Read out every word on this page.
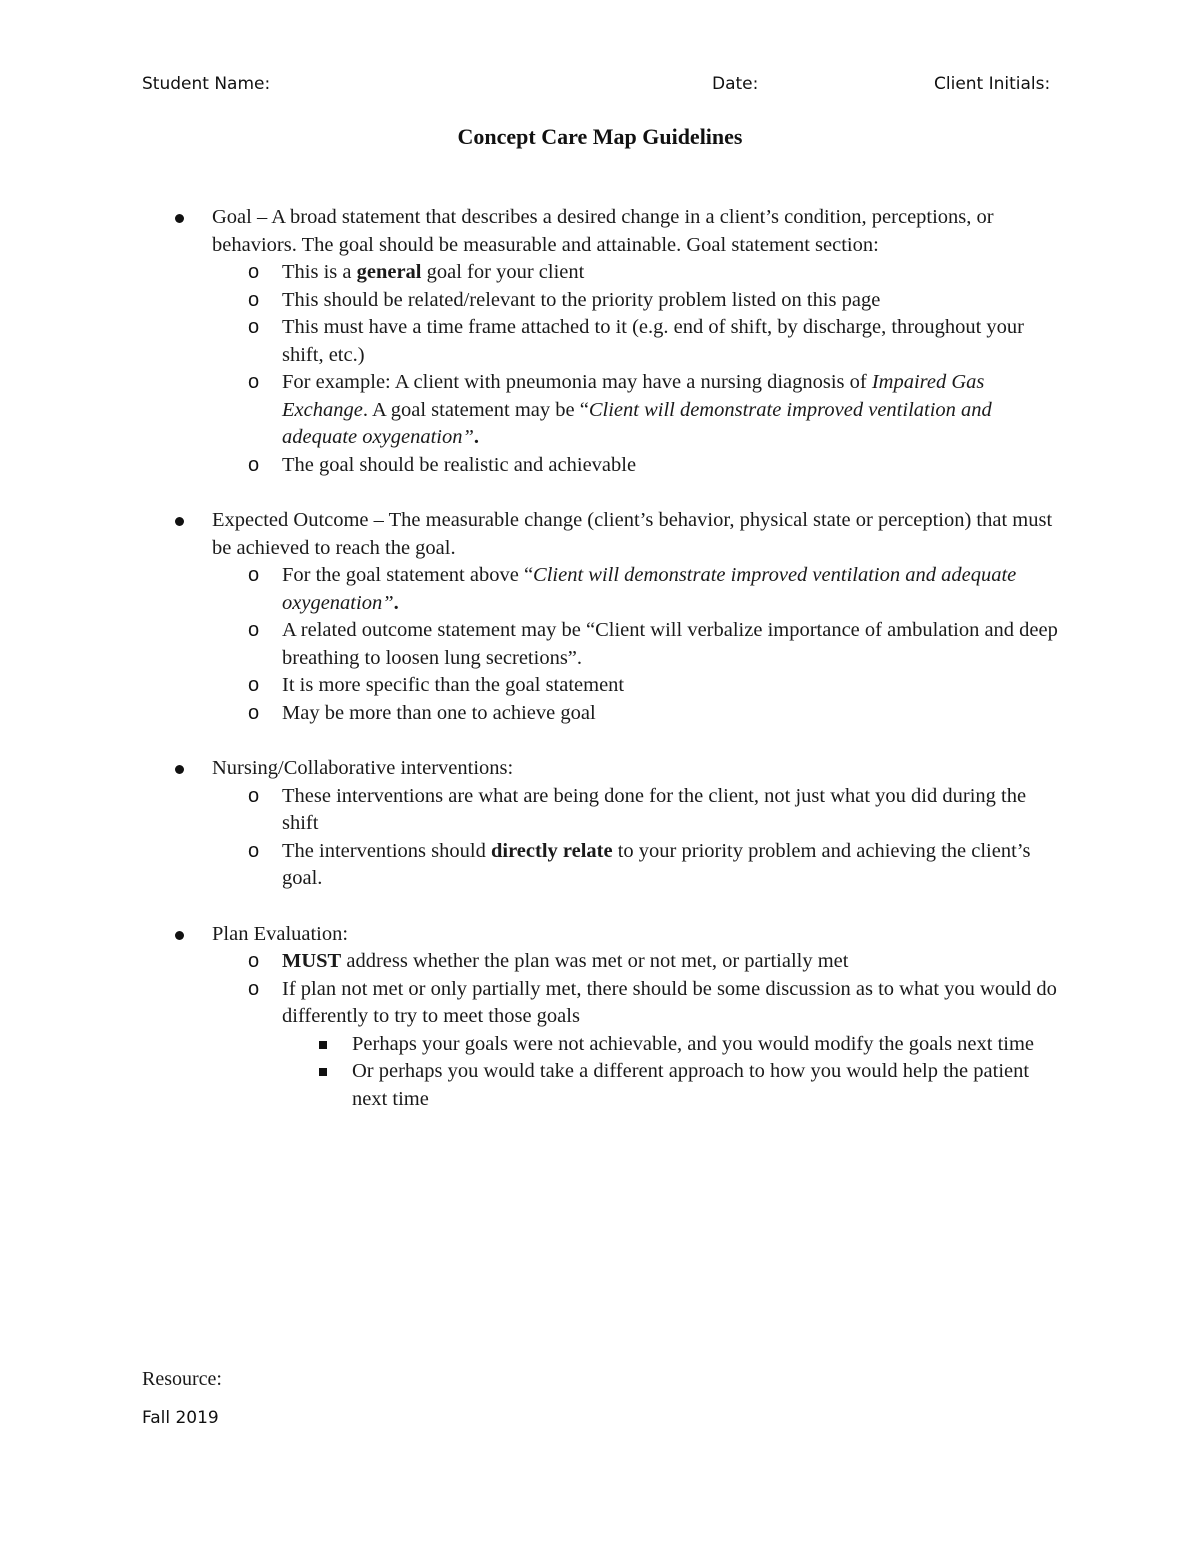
Student Name:	Date:	Client Initials:
Concept Care Map Guidelines
Goal – A broad statement that describes a desired change in a client’s condition, perceptions, or behaviors. The goal should be measurable and attainable. Goal statement section:
o This is a general goal for your client
o This should be related/relevant to the priority problem listed on this page
o This must have a time frame attached to it (e.g. end of shift, by discharge, throughout your shift, etc.)
o For example: A client with pneumonia may have a nursing diagnosis of Impaired Gas Exchange. A goal statement may be “Client will demonstrate improved ventilation and adequate oxygenation”.
o The goal should be realistic and achievable
Expected Outcome – The measurable change (client’s behavior, physical state or perception) that must be achieved to reach the goal.
o For the goal statement above “Client will demonstrate improved ventilation and adequate oxygenation”.
o A related outcome statement may be “Client will verbalize importance of ambulation and deep breathing to loosen lung secretions”.
o It is more specific than the goal statement
o May be more than one to achieve goal
Nursing/Collaborative interventions:
o These interventions are what are being done for the client, not just what you did during the shift
o The interventions should directly relate to your priority problem and achieving the client’s goal.
Plan Evaluation:
o MUST address whether the plan was met or not met, or partially met
o If plan not met or only partially met, there should be some discussion as to what you would do differently to try to meet those goals
Perhaps your goals were not achievable, and you would modify the goals next time
Or perhaps you would take a different approach to how you would help the patient next time
Resource:
Fall 2019
